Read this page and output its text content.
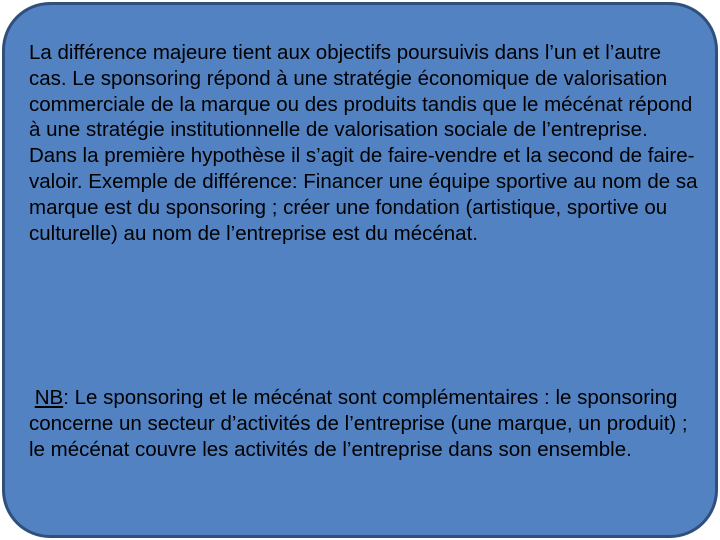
La différence majeure tient aux objectifs poursuivis dans l’un et l’autre cas. Le sponsoring répond à une stratégie économique de valorisation commerciale de la marque ou des produits tandis que le mécénat répond à une stratégie institutionnelle de valorisation sociale de l’entreprise. Dans la première hypothèse il s’agit de faire-vendre et la second de faire-valoir. Exemple de différence: Financer une équipe sportive au nom de sa marque est du sponsoring ; créer une fondation (artistique, sportive ou culturelle) au nom de l’entreprise est du mécénat.

NB: Le sponsoring et le mécénat sont complémentaires : le sponsoring concerne un secteur d’activités de l’entreprise (une marque, un produit) ; le mécénat couvre les activités de l’entreprise dans son ensemble.
